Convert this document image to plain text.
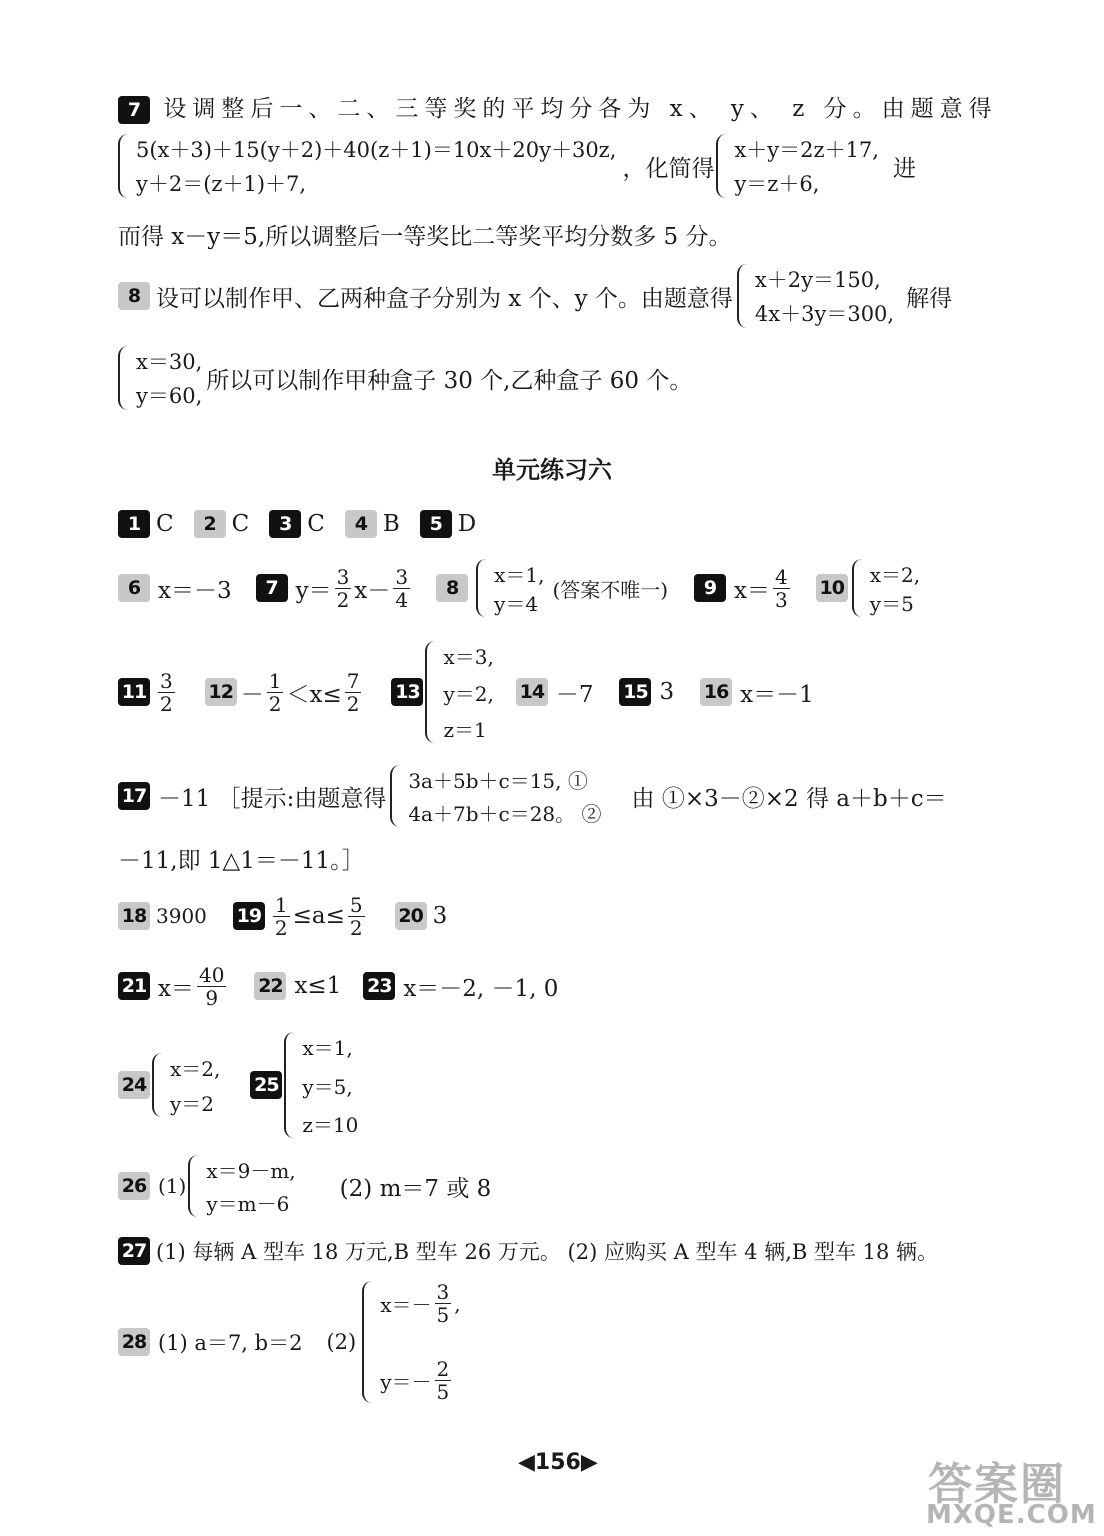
7 设调整后一、二、三等奖的平均分各为 x、 y、 z 分。由题意得
5(x＋3)＋15(y＋2)＋40(z＋1)＝10x＋20y＋30z,
y＋2＝(z＋1)＋7,
，化简得
x＋y＝2z＋17,
y＝z＋6,
进
而得 x－y＝5,所以调整后一等奖比二等奖平均分数多 5 分。
8 设可以制作甲、乙两种盒子分别为 x 个、y 个。由题意得
x＋2y＝150,
4x＋3y＝300,
解得
x＝30,
y＝60,
所以可以制作甲种盒子 30 个,乙种盒子 60 个。
单元练习六
1 C	2 C	3 C	4 B	5 D
6 x＝－3	7 $y= \frac{3}{2} x- \frac{3}{4}$	8
x＝1,
y＝4
(答案不唯一)	9 $x= \frac{4}{3} 10$
x＝2,
y＝5
$11 \frac{3}{2} 12 - \frac{1}{2} <x\le \frac{7}{2} 13$
x＝3,
y＝2,
z＝1
14 －7 15 3 16 x＝－1
17 －11 ［提示:由题意得
3a＋5b＋c＝15, ①
4a＋7b＋c＝28。 ②
由 ①×3－②×2 得 a＋b＋c＝
－11,即 1△1＝－11。］
18 3900 $19 \frac{1}{2} \le a\le \frac{5}{2} 20$ 3
21 $x= \frac{40}{9} 22$ x≤1 23 x＝－2, －1, 0
24
x＝2,
y＝2
25
x＝1,
y＝5,
z＝10
26 (1)
x＝9－m,
y＝m－6
(2) m＝7 或 8
27 (1) 每辆 A 型车 18 万元,B 型车 26 万元。 (2) 应购买 A 型车 4 辆,B 型车 18 辆。
28 (1) a＝7, b＝2 (2)
$x=- \frac{3}{5}$ ,
$y=- \frac{2}{5}$
◀ 156 ▶	答案圈
MXQE.COM
